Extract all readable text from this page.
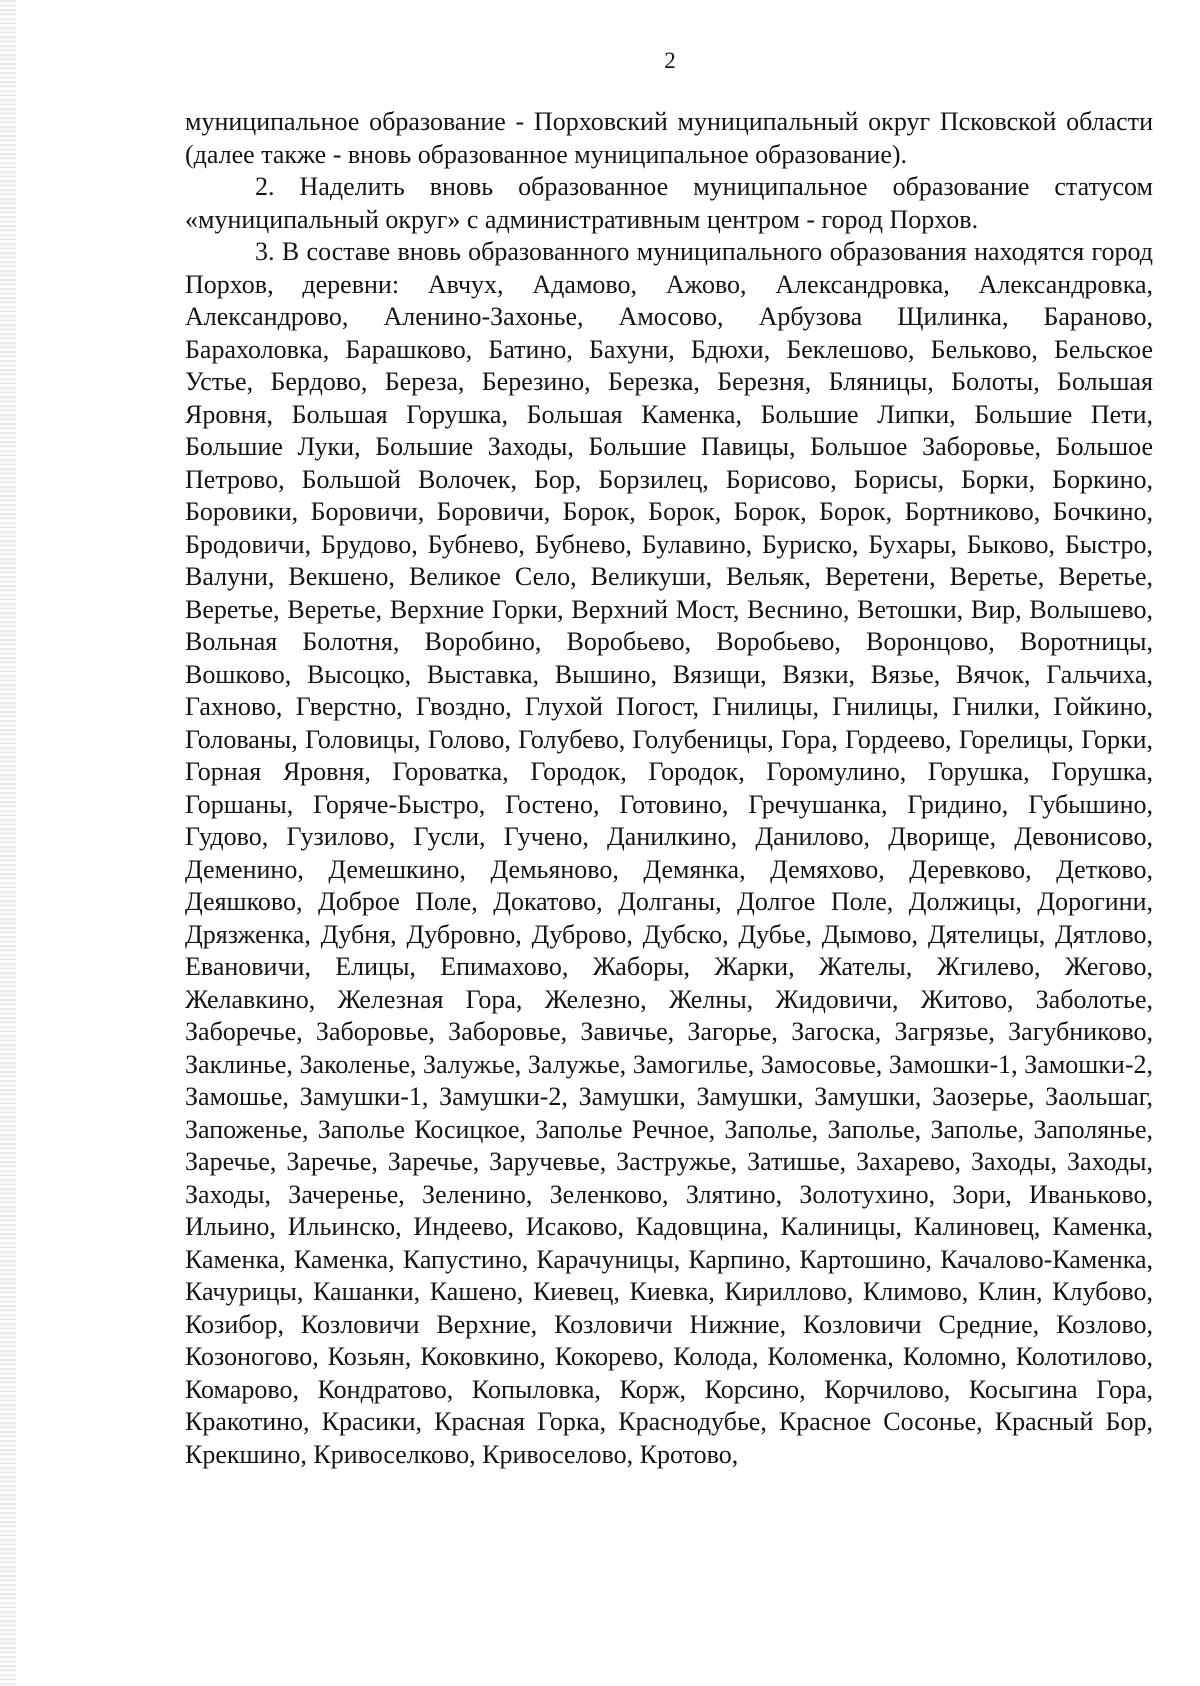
2

муниципальное образование - Порховский муниципальный округ Псковской области (далее также - вновь образованное муниципальное образование).

2. Наделить вновь образованное муниципальное образование статусом «муниципальный округ» с административным центром - город Порхов.

3. В составе вновь образованного муниципального образования находятся город Порхов, деревни: Авчух, Адамово, Ажово, Александровка, Александровка, Александрово, Аленино-Захонье, Амосово, Арбузова Щилинка, Бараново, Барахоловка, Барашково, Батино, Бахуни, Бдюхи, Беклешово, Бельково, Бельское Устье, Бердово, Береза, Березино, Березка, Березня, Бляницы, Болоты, Большая Яровня, Большая Горушка, Большая Каменка, Большие Липки, Большие Пети, Большие Луки, Большие Заходы, Большие Павицы, Большое Заборовье, Большое Петрово, Большой Волочек, Бор, Борзилец, Борисово, Борисы, Борки, Боркино, Боровики, Боровичи, Боровичи, Борок, Борок, Борок, Борок, Бортниково, Бочкино, Бродовичи, Брудово, Бубнево, Бубнево, Булавино, Буриско, Бухары, Быково, Быстро, Валуни, Векшено, Великое Село, Великуши, Вельяк, Веретени, Веретье, Веретье, Веретье, Веретье, Верхние Горки, Верхний Мост, Веснино, Ветошки, Вир, Волышево, Вольная Болотня, Воробино, Воробьево, Воробьево, Воронцово, Воротницы, Вошково, Высоцко, Выставка, Вышино, Вязищи, Вязки, Вязье, Вячок, Гальчиха, Гахново, Гверстно, Гвоздно, Глухой Погост, Гнилицы, Гнилицы, Гнилки, Гойкино, Голованы, Головицы, Голово, Голубево, Голубеницы, Гора, Гордеево, Горелицы, Горки, Горная Яровня, Гороватка, Городок, Городок, Горомулино, Горушка, Горушка, Горшаны, Горяче-Быстро, Гостено, Готовино, Гречушанка, Гридино, Губышино, Гудово, Гузилово, Гусли, Гучено, Данилкино, Данилово, Дворище, Девонисово, Деменино, Демешкино, Демьяново, Демянка, Демяхово, Деревково, Детково, Деяшково, Доброе Поле, Докатово, Долганы, Долгое Поле, Должицы, Дорогини, Дрязженка, Дубня, Дубровно, Дуброво, Дубско, Дубье, Дымово, Дятелицы, Дятлово, Евановичи, Елицы, Епимахово, Жаборы, Жарки, Жателы, Жгилево, Жегово, Желавкино, Железная Гора, Железно, Желны, Жидовичи, Житово, Заболотье, Заборечье, Заборовье, Заборовье, Завичье, Загорье, Загоска, Загрязье, Загубниково, Заклинье, Заколенье, Залужье, Залужье, Замогилье, Замосовье, Замошки-1, Замошки-2, Замошье, Замушки-1, Замушки-2, Замушки, Замушки, Замушки, Заозерье, Заольшаг, Запоженье, Заполье Косицкое, Заполье Речное, Заполье, Заполье, Заполье, Заполянье, Заречье, Заречье, Заречье, Заручевье, Застружье, Затишье, Захарево, Заходы, Заходы, Заходы, Зачеренье, Зеленино, Зеленково, Злятино, Золотухино, Зори, Иваньково, Ильино, Ильинско, Индеево, Исаково, Кадовщина, Калиницы, Калиновец, Каменка, Каменка, Каменка, Капустино, Карачуницы, Карпино, Картошино, Качалово-Каменка, Качурицы, Кашанки, Кашено, Киевец, Киевка, Кириллово, Климово, Клин, Клубово, Козибор, Козловичи Верхние, Козловичи Нижние, Козловичи Средние, Козлово, Козоногово, Козьян, Коковкино, Кокорево, Колода, Коломенка, Коломно, Колотилово, Комарово, Кондратово, Копыловка, Корж, Корсино, Корчилово, Косыгина Гора, Кракотино, Красики, Красная Горка, Краснодубье, Красное Сосонье, Красный Бор, Крекшино, Кривоселково, Кривоселово, Кротово,
